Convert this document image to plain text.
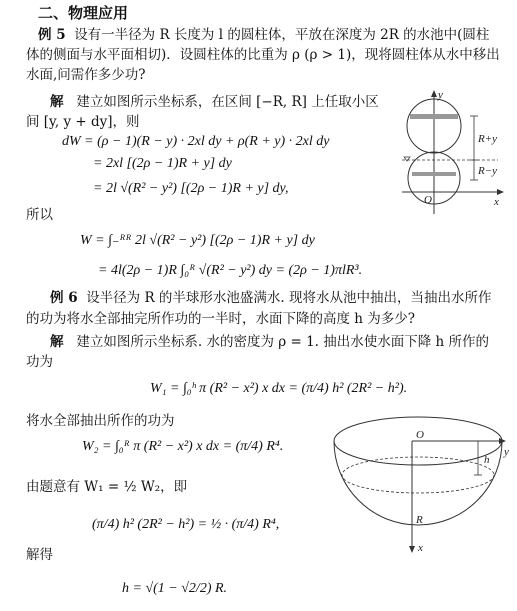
二、物理应用
例 5 设有一半径为 R 长度为 l 的圆柱体，平放在深度为 2R 的水池中(圆柱
体的侧面与水平面相切)．设圆柱体的比重为 ρ (ρ > 1)，现将圆柱体从水中移出
水面,问需作多少功?
解 建立如图所示坐标系，在区间 [−R, R] 上任取小区
间 [y, y + dy]，则
dW = (ρ − 1)(R − y) · 2xl dy + ρ(R + y) · 2xl dy
= 2xl [(2ρ − 1)R + y] dy
= 2l √(R² − y²) [(2ρ − 1)R + y] dy,
所以
W = ∫₋ᴿᴿ 2l √(R² − y²) [(2ρ − 1)R + y] dy
= 4l(2ρ − 1)R ∫₀ᴿ √(R² − y²) dy = (2ρ − 1)πlR³.
y
R+y
R−y
O	x
例 6 设半径为 R 的半球形水池盛满水. 现将水从池中抽出，当抽出水所作
的功为将水全部抽完所作功的一半时，水面下降的高度 h 为多少?
解 建立如图所示坐标系. 水的密度为 ρ = 1. 抽出水使水面下降 h 所作的
功为
W₁ = ∫₀ʰ π (R² − x²) x dx = (π/4) h² (2R² − h²).
将水全部抽出所作的功为
W₂ = ∫₀ᴿ π (R² − x²) x dx = (π/4) R⁴.
由题意有 W₁ = ½ W₂，即
(π/4) h² (2R² − h²) = ½ · (π/4) R⁴,
解得
h = √(1 − √2/2) R.
O
y
h
R
x
